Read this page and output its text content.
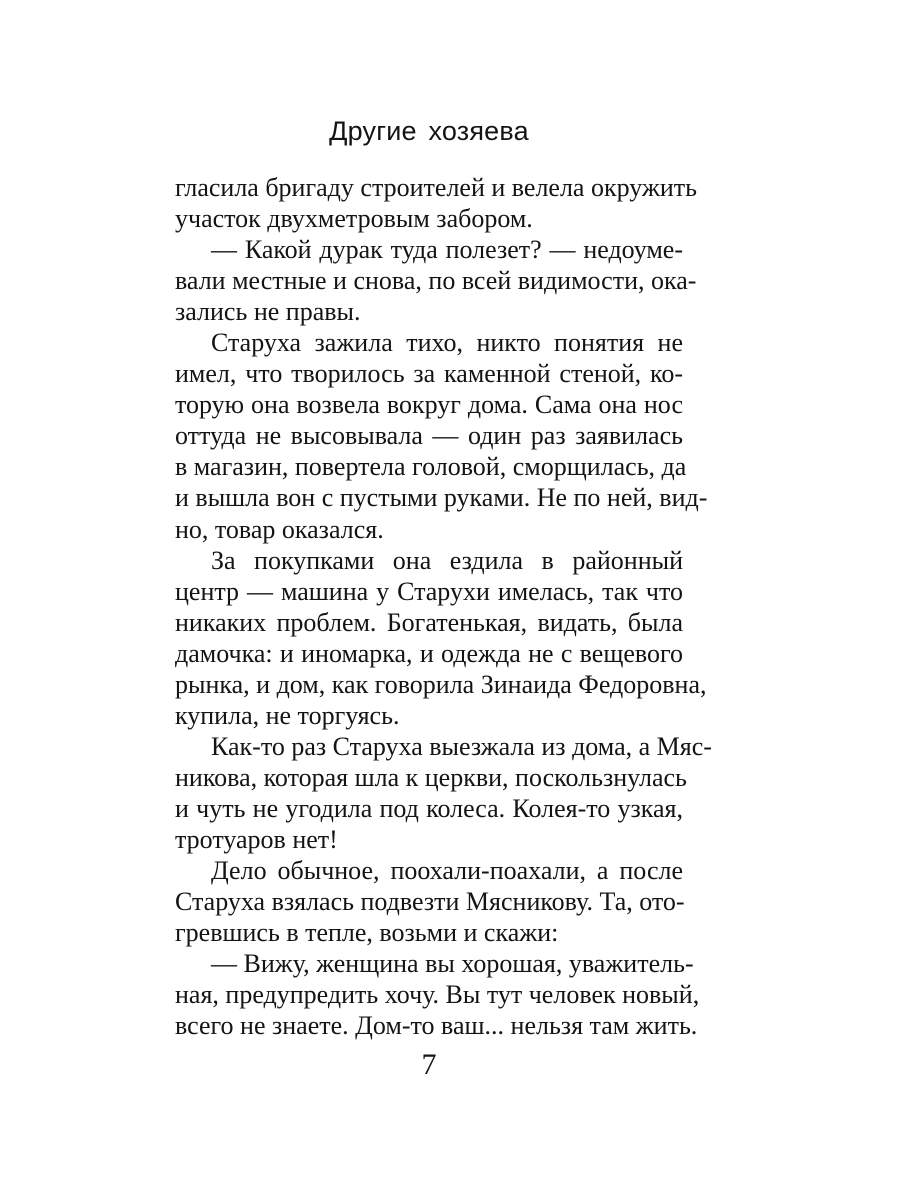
Другие хозяева
гласила бригаду строителей и велела окружить
участок двухметровым забором.
— Какой дурак туда полезет? — недоуме-
вали местные и снова, по всей видимости, ока-
зались не правы.
Старуха зажила тихо, никто понятия не
имел, что творилось за каменной стеной, ко-
торую она возвела вокруг дома. Сама она нос
оттуда не высовывала — один раз заявилась
в магазин, повертела головой, сморщилась, да
и вышла вон с пустыми руками. Не по ней, вид-
но, товар оказался.
За покупками она ездила в районный
центр — машина у Старухи имелась, так что
никаких проблем. Богатенькая, видать, была
дамочка: и иномарка, и одежда не с вещевого
рынка, и дом, как говорила Зинаида Федоровна,
купила, не торгуясь.
Как-то раз Старуха выезжала из дома, а Мяс-
никова, которая шла к церкви, поскользнулась
и чуть не угодила под колеса. Колея-то узкая,
тротуаров нет!
Дело обычное, поохали-поахали, а после
Старуха взялась подвезти Мясникову. Та, ото-
гревшись в тепле, возьми и скажи:
— Вижу, женщина вы хорошая, уважитель-
ная, предупредить хочу. Вы тут человек новый,
всего не знаете. Дом-то ваш... нельзя там жить.
7
